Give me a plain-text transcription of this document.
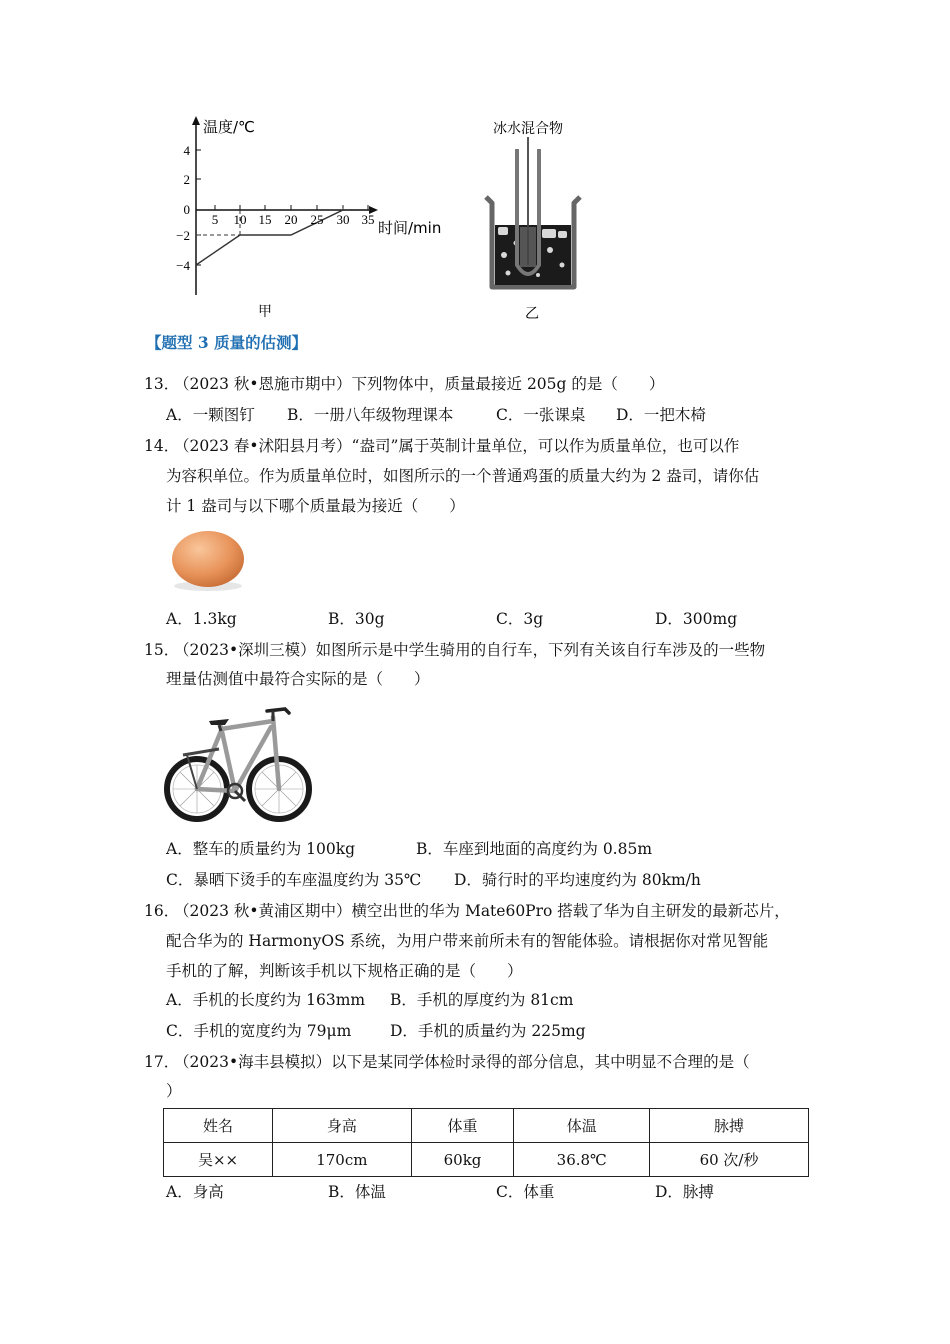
4
2
0
−2
−4
5 10 15 20 25 30 35
温度/℃
时间/min
甲
冰水混合物
乙
【题型 3 质量的估测】
13．
（2023 秋•恩施市期中）下列物体中，质量最接近 205g 的是（　　）
A．一颗图钉 B．一册八年级物理课本	C．一张课桌 D．一把木椅
14．
（2023 春•沭阳县月考）“盎司”属于英制计量单位，可以作为质量单位，也可以作
为容积单位。作为质量单位时，如图所示的一个普通鸡蛋的质量大约为 2 盎司，请你估
计 1 盎司与以下哪个质量最为接近（　　）
A．1.3kg	B．30g	C．3g	D．300mg
15．
（2023•深圳三模）如图所示是中学生骑用的自行车，下列有关该自行车涉及的一些物
理量估测值中最符合实际的是（　　）
A．整车的质量约为 100kg	B．车座到地面的高度约为 0.85m
C．暴晒下烫手的车座温度约为 35℃ D．骑行时的平均速度约为 80km/h
16．
（2023 秋•黄浦区期中）横空出世的华为 Mate60Pro 搭载了华为自主研发的最新芯片，
配合华为的 HarmonyOS 系统，为用户带来前所未有的智能体验。请根据你对常见智能
手机的了解，判断该手机以下规格正确的是（　　）
A．手机的长度约为 163mm B．手机的厚度约为 81cm
C．手机的宽度约为 79μm D．手机的质量约为 225mg
17．
（2023•海丰县模拟）以下是某同学体检时录得的部分信息，其中明显不合理的是（
）
姓名	身高	体重	体温	脉搏
吴××	170cm	60kg	36.8℃	60 次/秒
A．身高	B．体温	C．体重	D．脉搏
